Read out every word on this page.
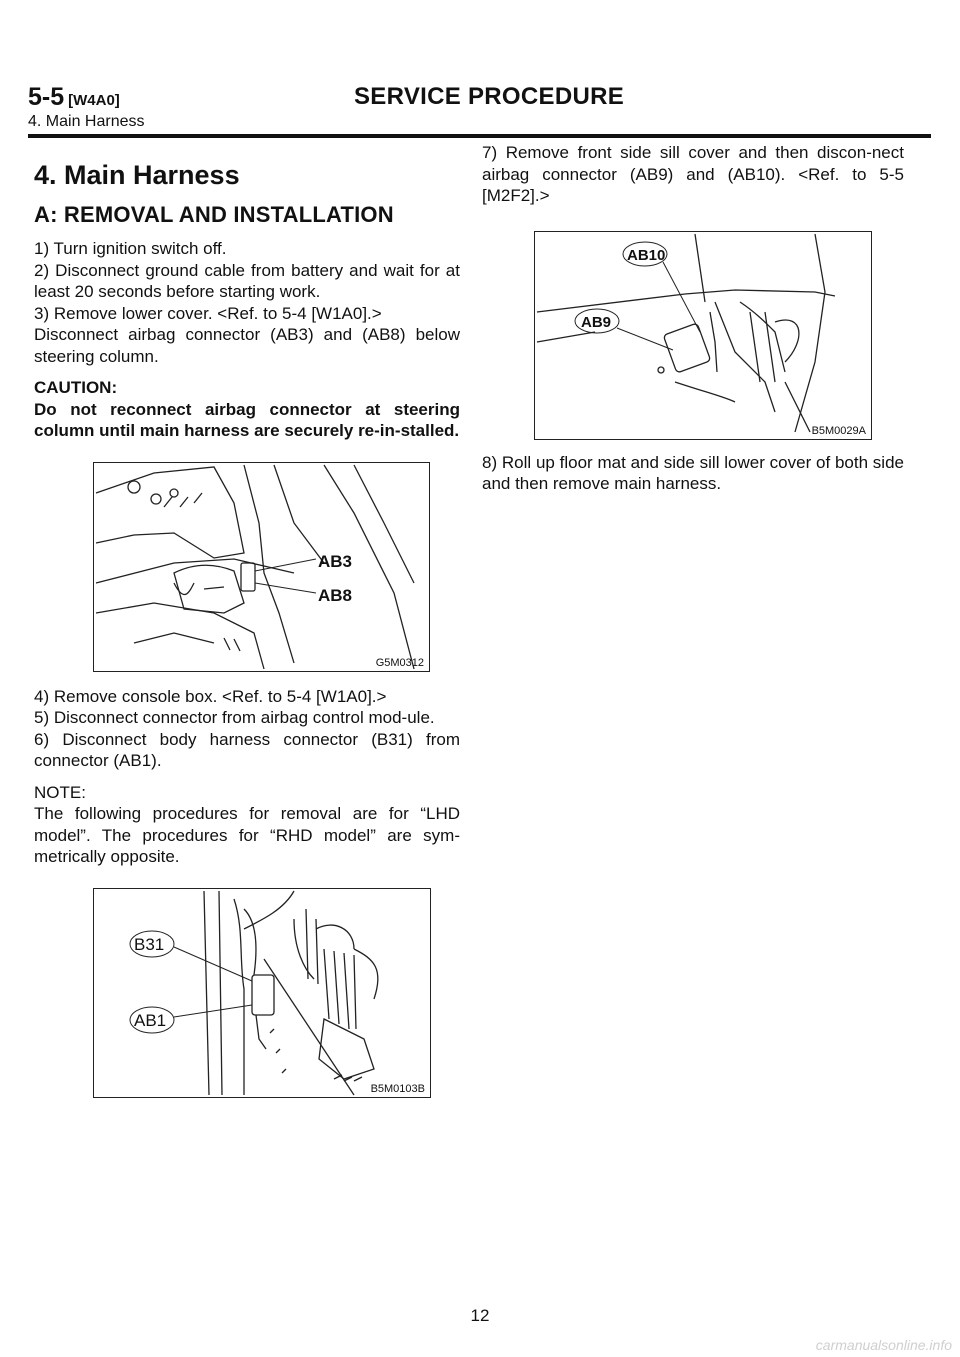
5-5 [W4A0]	SERVICE PROCEDURE
4. Main Harness
4. Main Harness
A: REMOVAL AND INSTALLATION

1) Turn ignition switch off.

2) Disconnect ground cable from battery and wait for at least 20 seconds before starting work.

3) Remove lower cover. <Ref. to 5-4 [W1A0].>

Disconnect airbag connector (AB3) and (AB8) below steering column.

CAUTION:

Do not reconnect airbag connector at steering column until main harness are securely re-in-stalled.

AB3
AB8
G5M0312

4) Remove console box. <Ref. to 5-4 [W1A0].>

5) Disconnect connector from airbag control mod-ule.

6) Disconnect body harness connector (B31) from connector (AB1).

NOTE:

The following procedures for removal are for “LHD model”. The procedures for “RHD model” are sym-metrically opposite.

B31
AB1
B5M0103B

7) Remove front side sill cover and then discon-nect airbag connector (AB9) and (AB10). <Ref. to 5-5 [M2F2].>

AB10
AB9
B5M0029A

8) Roll up floor mat and side sill lower cover of both side and then remove main harness.

12
carmanualsonline.info
